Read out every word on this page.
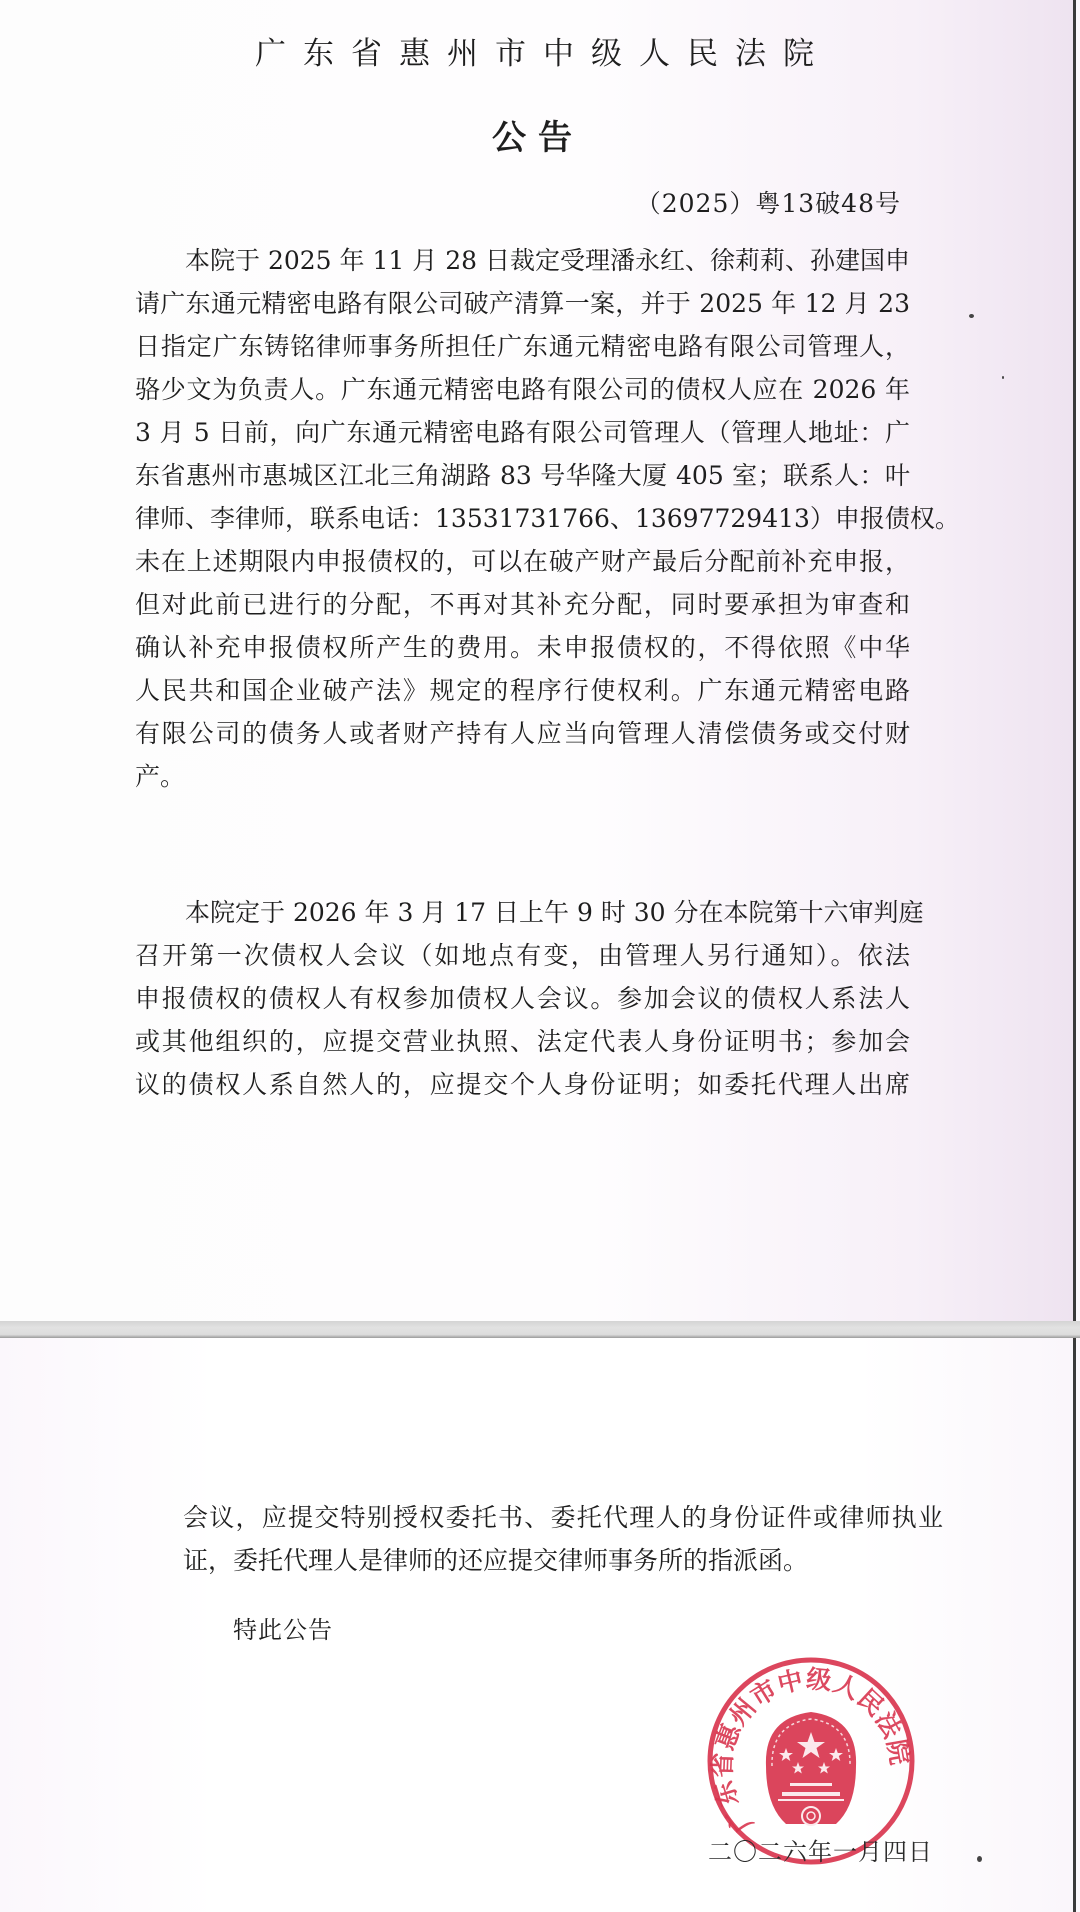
广东省惠州市中级人民法院
公告
（2025）粤13破48号
本院于 2025 年 11 月 28 日裁定受理潘永红、徐莉莉、孙建国申
请广东通元精密电路有限公司破产清算一案，并于 2025 年 12 月 23
日指定广东铸铭律师事务所担任广东通元精密电路有限公司管理人，
骆少文为负责人。广东通元精密电路有限公司的债权人应在 2026 年
3 月 5 日前，向广东通元精密电路有限公司管理人（管理人地址：广
东省惠州市惠城区江北三角湖路 83 号华隆大厦 405 室；联系人：叶
律师、李律师，联系电话：13531731766、13697729413）申报债权。
未在上述期限内申报债权的，可以在破产财产最后分配前补充申报，
但对此前已进行的分配，不再对其补充分配，同时要承担为审查和
确认补充申报债权所产生的费用。未申报债权的，不得依照《中华
人民共和国企业破产法》规定的程序行使权利。广东通元精密电路
有限公司的债务人或者财产持有人应当向管理人清偿债务或交付财
产。
本院定于 2026 年 3 月 17 日上午 9 时 30 分在本院第十六审判庭
召开第一次债权人会议（如地点有变，由管理人另行通知）。依法
申报债权的债权人有权参加债权人会议。参加会议的债权人系法人
或其他组织的，应提交营业执照、法定代表人身份证明书；参加会
议的债权人系自然人的，应提交个人身份证明；如委托代理人出席
会议，应提交特别授权委托书、委托代理人的身份证件或律师执业
证，委托代理人是律师的还应提交律师事务所的指派函。
特此公告
广东省惠州市中级人民法院
二〇二六年一月四日
